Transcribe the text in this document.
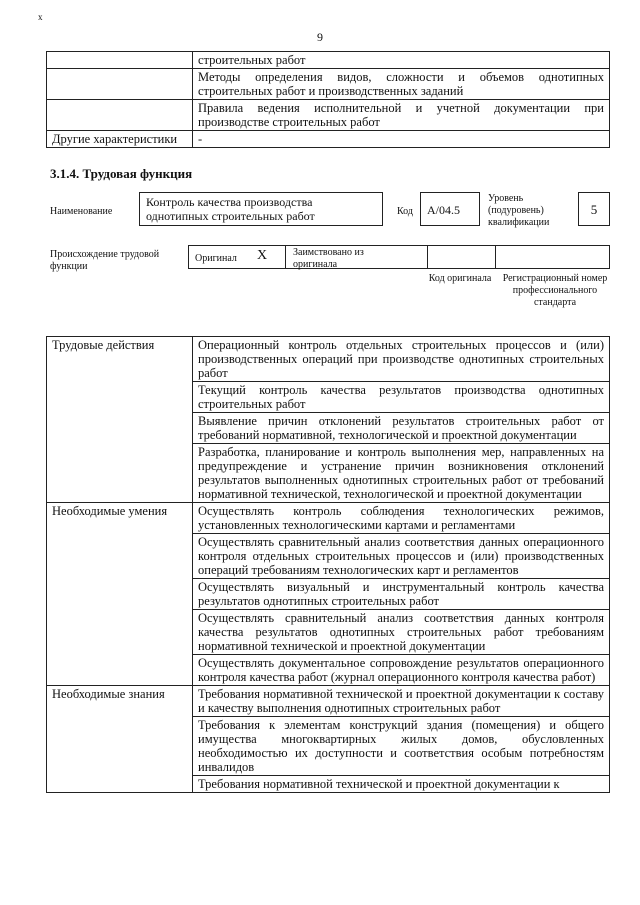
x
9
	строительных работ
	Методы определения видов, сложности и объемов однотипных строительных работ и производственных заданий
	Правила ведения исполнительной и учетной документации при производстве строительных работ
Другие характеристики	-
3.1.4. Трудовая функция
Наименование
Контроль качества производства однотипных строительных работ	Код	A/04.5
Уровень (подуровень) квалификации
5
Происхождение трудовой функции
Оригинал X	Заимствовано из оригинала
Код оригинала Регистрационный номер профессионального стандарта
Трудовые действия	Операционный контроль отдельных строительных процессов и (или) производственных операций при производстве однотипных строительных работ
	Текущий контроль качества результатов производства однотипных строительных работ
	Выявление причин отклонений результатов строительных работ от требований нормативной, технологической и проектной документации
	Разработка, планирование и контроль выполнения мер, направленных на предупреждение и устранение причин возникновения отклонений результатов выполненных однотипных строительных работ от требований нормативной технической, технологической и проектной документации
Необходимые умения	Осуществлять контроль соблюдения технологических режимов, установленных технологическими картами и регламентами
	Осуществлять сравнительный анализ соответствия данных операционного контроля отдельных строительных процессов и (или) производственных операций требованиям технологических карт и регламентов
	Осуществлять визуальный и инструментальный контроль качества результатов однотипных строительных работ
	Осуществлять сравнительный анализ соответствия данных контроля качества результатов однотипных строительных работ требованиям нормативной технической и проектной документации
	Осуществлять документальное сопровождение результатов операционного контроля качества работ (журнал операционного контроля качества работ)
Необходимые знания	Требования нормативной технической и проектной документации к составу и качеству выполнения однотипных строительных работ
	Требования к элементам конструкций здания (помещения) и общего имущества многоквартирных жилых домов, обусловленных необходимостью их доступности и соответствия особым потребностям инвалидов
	Требования нормативной технической и проектной документации к
